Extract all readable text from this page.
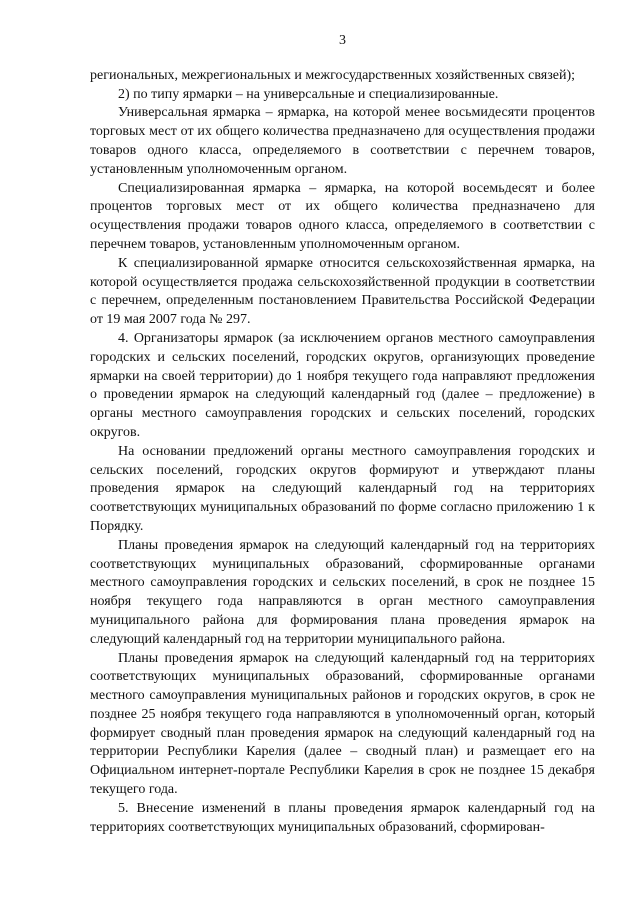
3

региональных, межрегиональных и межгосударственных хозяйственных связей);

2) по типу ярмарки – на универсальные и специализированные.

Универсальная ярмарка – ярмарка, на которой менее восьмидесяти процентов торговых мест от их общего количества предназначено для осуществления продажи товаров одного класса, определяемого в соответствии с перечнем товаров, установленным уполномоченным органом.

Специализированная ярмарка – ярмарка, на которой восемьдесят и более процентов торговых мест от их общего количества предназначено для осуществления продажи товаров одного класса, определяемого в соответствии с перечнем товаров, установленным уполномоченным органом.

К специализированной ярмарке относится сельскохозяйственная ярмарка, на которой осуществляется продажа сельскохозяйственной продукции в соответствии с перечнем, определенным постановлением Правительства Российской Федерации от 19 мая 2007 года № 297.

4. Организаторы ярмарок (за исключением органов местного самоуправления городских и сельских поселений, городских округов, организующих проведение ярмарки на своей территории) до 1 ноября текущего года направляют предложения о проведении ярмарок на следующий календарный год (далее – предложение) в органы местного самоуправления городских и сельских поселений, городских округов.

На основании предложений органы местного самоуправления городских и сельских поселений, городских округов формируют и утверждают планы проведения ярмарок на следующий календарный год на территориях соответствующих муниципальных образований по форме согласно приложению 1 к Порядку.

Планы проведения ярмарок на следующий календарный год на территориях соответствующих муниципальных образований, сформированные органами местного самоуправления городских и сельских поселений, в срок не позднее 15 ноября текущего года направляются в орган местного самоуправления муниципального района для формирования плана проведения ярмарок на следующий календарный год на территории муниципального района.

Планы проведения ярмарок на следующий календарный год на территориях соответствующих муниципальных образований, сформированные органами местного самоуправления муниципальных районов и городских округов, в срок не позднее 25 ноября текущего года направляются в уполномоченный орган, который формирует сводный план проведения ярмарок на следующий календарный год на территории Республики Карелия (далее – сводный план) и размещает его на Официальном интернет-портале Республики Карелия в срок не позднее 15 декабря текущего года.

5. Внесение изменений в планы проведения ярмарок календарный год на территориях соответствующих муниципальных образований, сформирован-
